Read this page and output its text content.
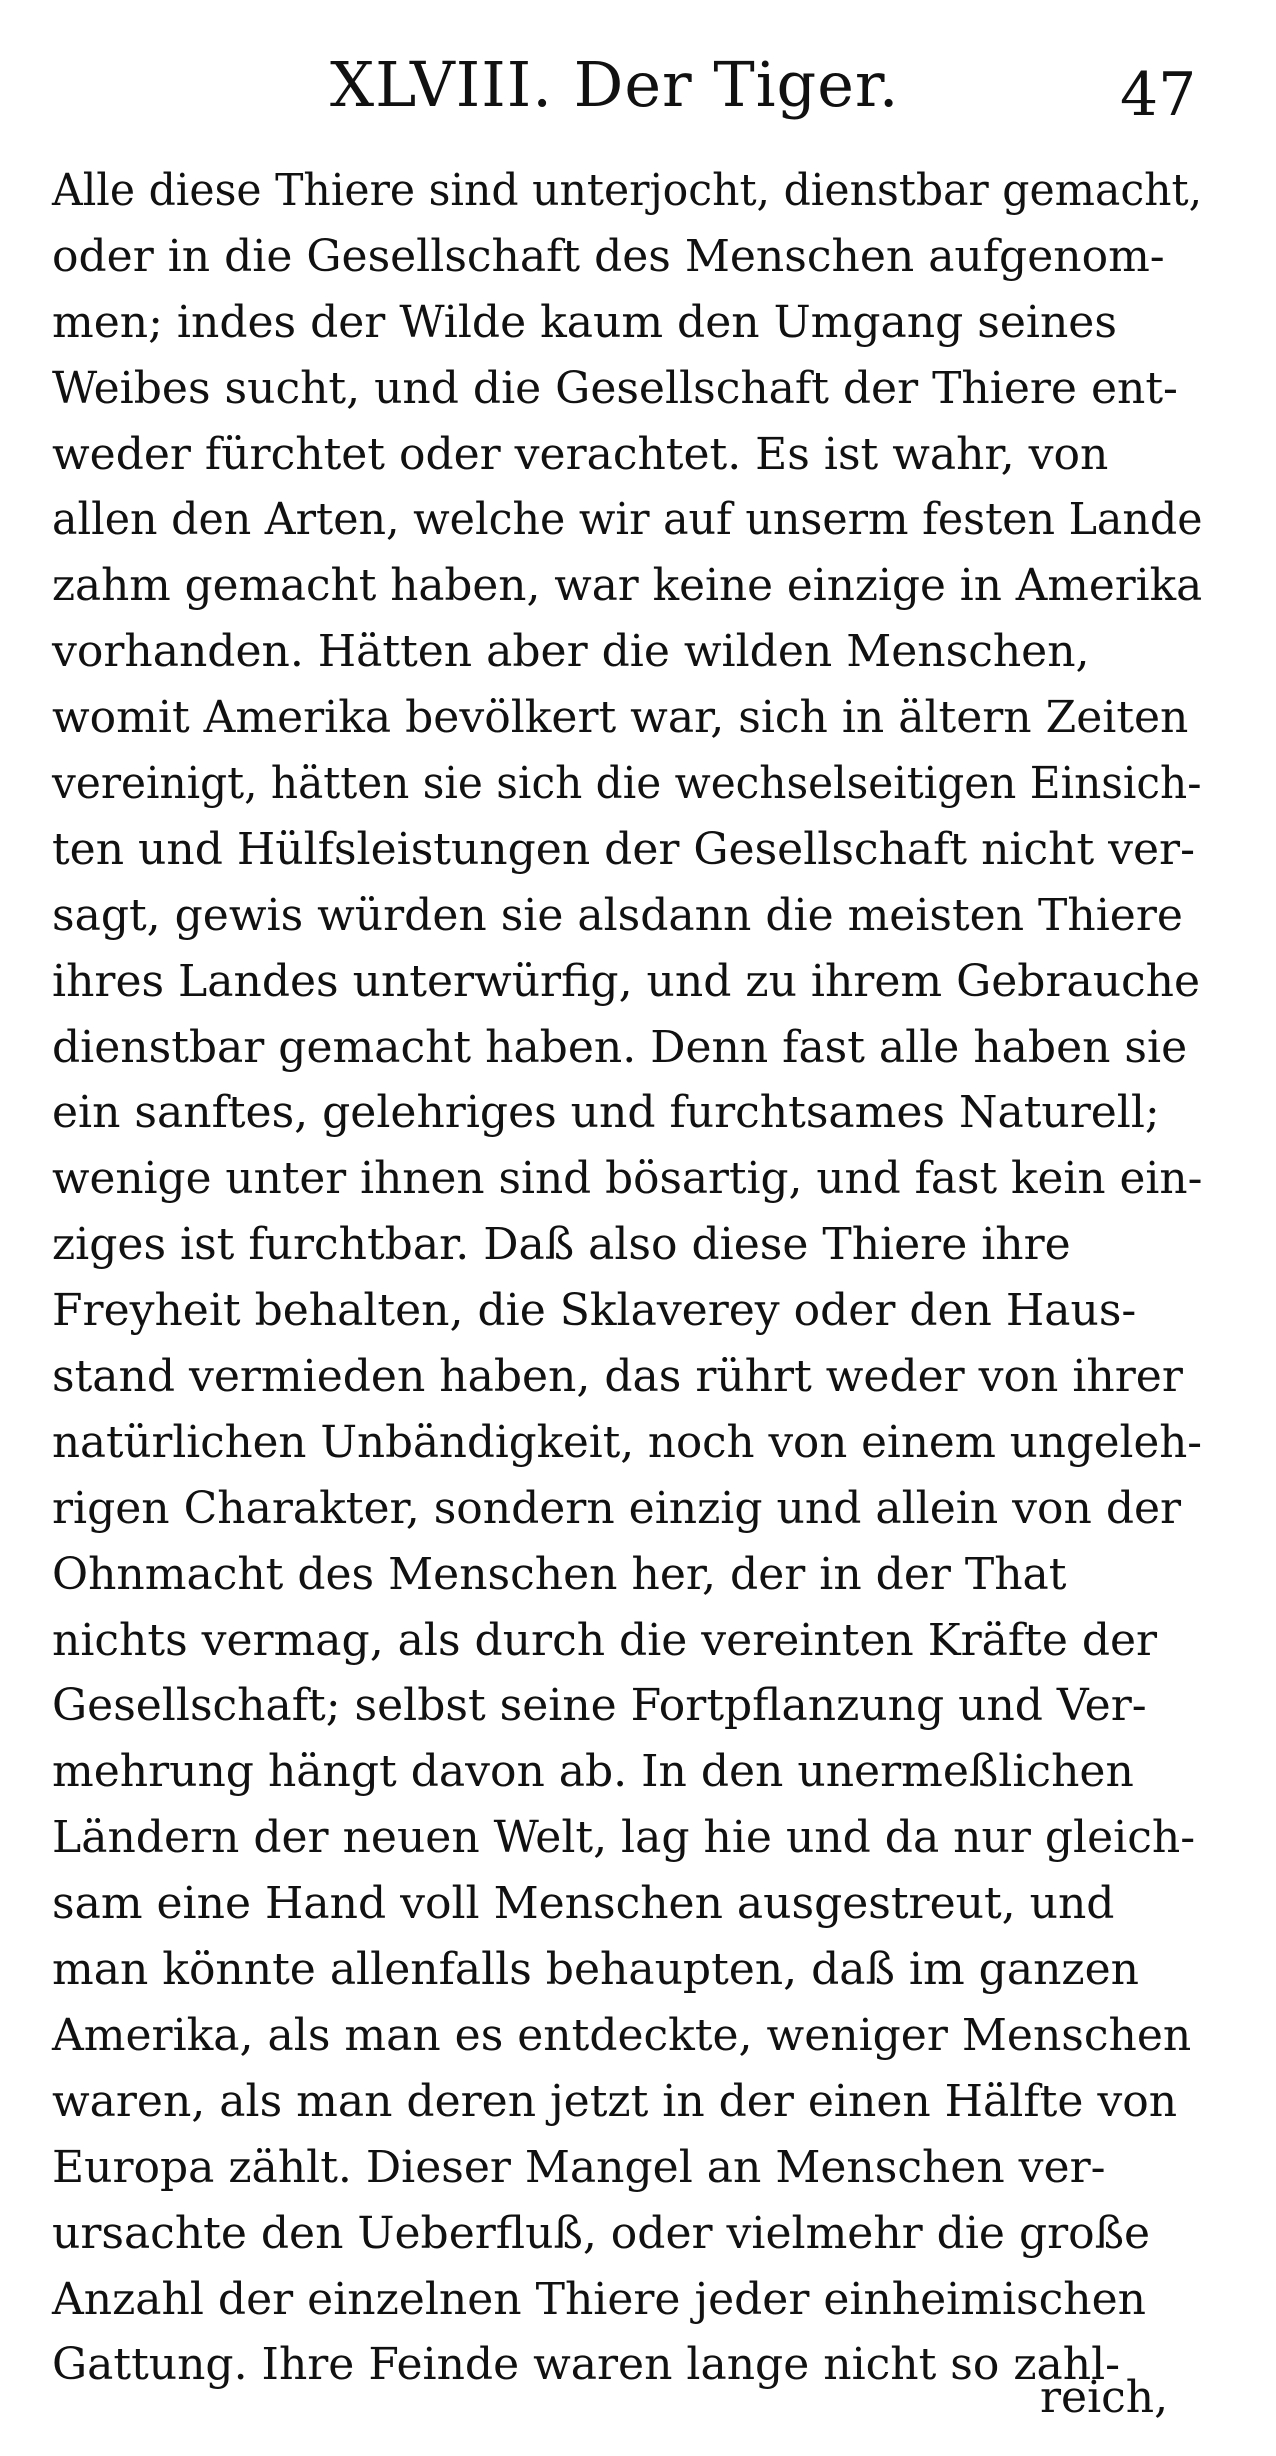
XLVIII. Der Tiger.	47
Alle diese Thiere sind unterjocht, dienstbar gemacht,
oder in die Gesellschaft des Menschen aufgenom-
men; indes der Wilde kaum den Umgang seines
Weibes sucht, und die Gesellschaft der Thiere ent-
weder fürchtet oder verachtet. Es ist wahr, von
allen den Arten, welche wir auf unserm festen Lande
zahm gemacht haben, war keine einzige in Amerika
vorhanden. Hätten aber die wilden Menschen,
womit Amerika bevölkert war, sich in ältern Zeiten
vereinigt, hätten sie sich die wechselseitigen Einsich-
ten und Hülfsleistungen der Gesellschaft nicht ver-
sagt, gewis würden sie alsdann die meisten Thiere
ihres Landes unterwürfig, und zu ihrem Gebrauche
dienstbar gemacht haben. Denn fast alle haben sie
ein sanftes, gelehriges und furchtsames Naturell;
wenige unter ihnen sind bösartig, und fast kein ein-
ziges ist furchtbar. Daß also diese Thiere ihre
Freyheit behalten, die Sklaverey oder den Haus-
stand vermieden haben, das rührt weder von ihrer
natürlichen Unbändigkeit, noch von einem ungeleh-
rigen Charakter, sondern einzig und allein von der
Ohnmacht des Menschen her, der in der That
nichts vermag, als durch die vereinten Kräfte der
Gesellschaft; selbst seine Fortpflanzung und Ver-
mehrung hängt davon ab. In den unermeßlichen
Ländern der neuen Welt, lag hie und da nur gleich-
sam eine Hand voll Menschen ausgestreut, und
man könnte allenfalls behaupten, daß im ganzen
Amerika, als man es entdeckte, weniger Menschen
waren, als man deren jetzt in der einen Hälfte von
Europa zählt. Dieser Mangel an Menschen ver-
ursachte den Ueberfluß, oder vielmehr die große
Anzahl der einzelnen Thiere jeder einheimischen
Gattung. Ihre Feinde waren lange nicht so zahl-
reich,
